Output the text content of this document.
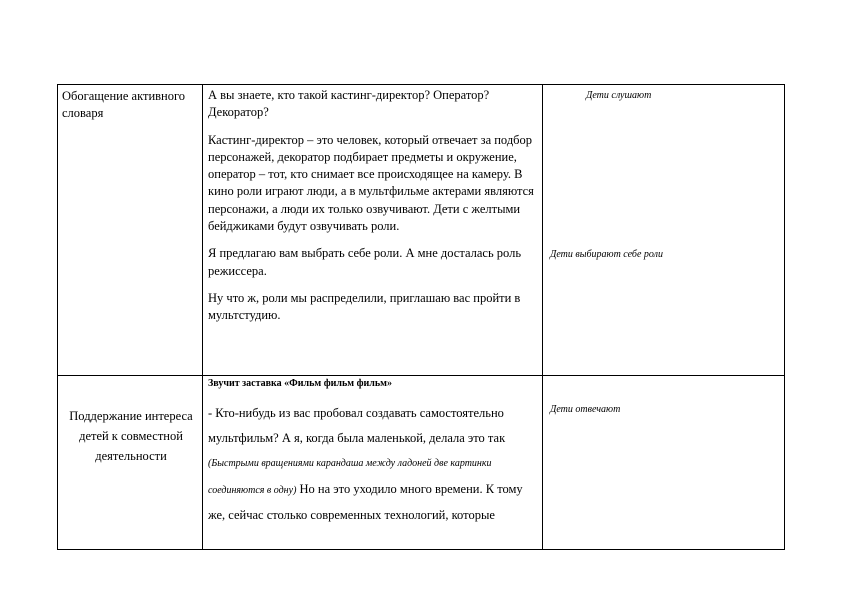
Обогащение активного словаря

А вы знаете, кто такой кастинг-директор? Оператор? Декоратор?

Кастинг-директор – это человек, который отвечает за подбор персонажей, декоратор подбирает предметы и окружение, оператор – тот, кто снимает все происходящее на камеру. В кино роли играют люди, а в мультфильме актерами являются персонажи, а люди их только озвучивают. Дети с желтыми бейджиками будут озвучивать роли.

Я предлагаю вам выбрать себе роли. А мне досталась роль режиссера.

Ну что ж, роли мы распределили, приглашаю вас пройти в мультстудию.

Дети слушают
Дети выбирают себе роли

Поддержание интереса детей к совместной деятельности

Звучит заставка «Фильм фильм фильм»

- Кто-нибудь из вас пробовал создавать самостоятельно мультфильм? А я, когда была маленькой, делала это так (Быстрыми вращениями карандаша между ладоней две картинки соединяются в одну) Но на это уходило много времени. К тому же, сейчас столько современных технологий, которые

Дети отвечают
